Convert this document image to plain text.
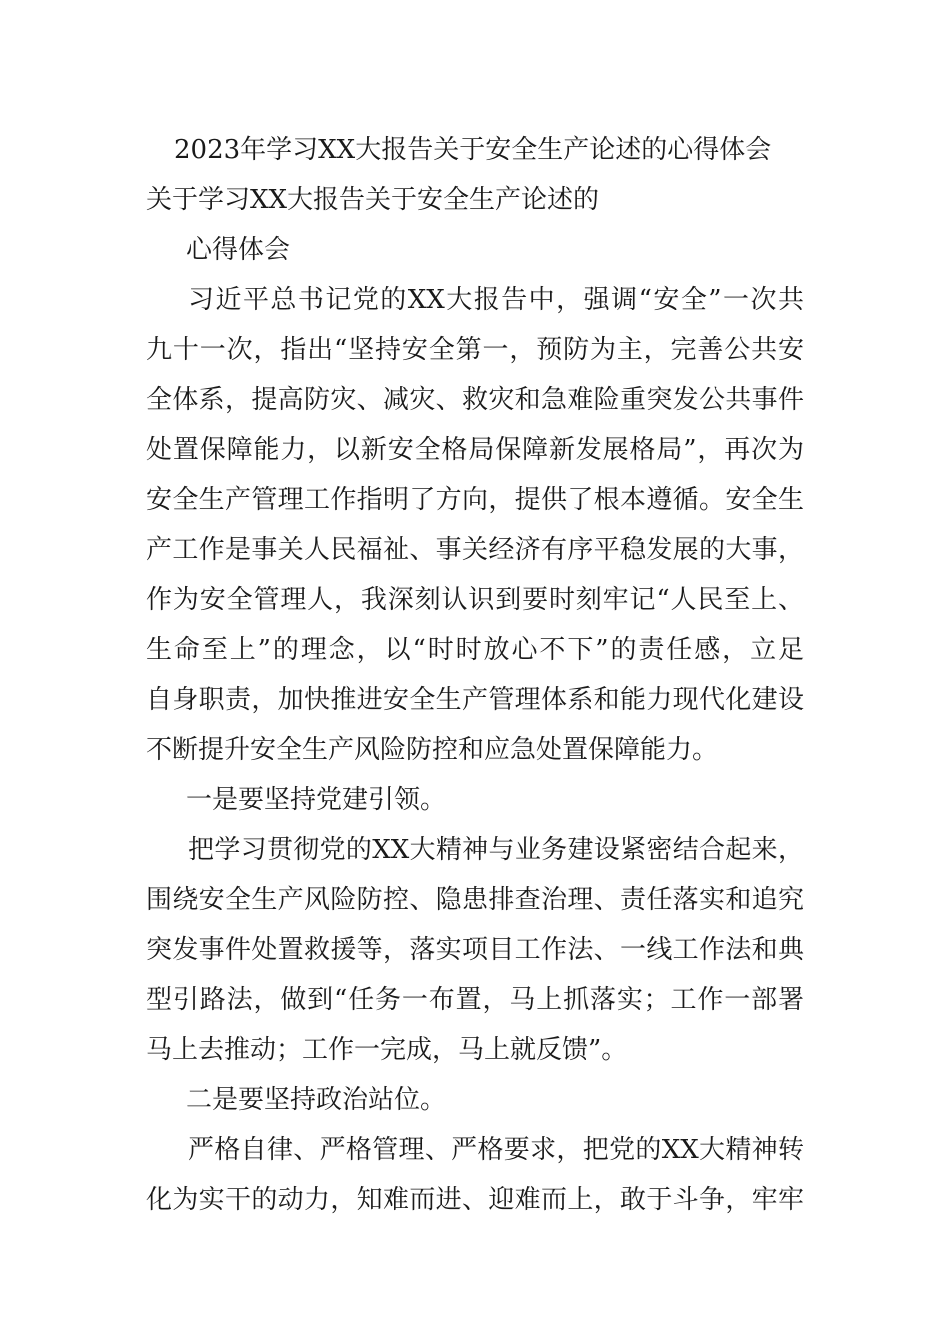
2023年学习XX大报告关于安全生产论述的心得体会
关于学习XX大报告关于安全生产论述的
心得体会
习近平总书记党的XX大报告中，强调“安全”一次共
九十一次，指出“坚持安全第一，预防为主，完善公共安
全体系，提高防灾、减灾、救灾和急难险重突发公共事件
处置保障能力，以新安全格局保障新发展格局”，再次为
安全生产管理工作指明了方向，提供了根本遵循。安全生
产工作是事关人民福祉、事关经济有序平稳发展的大事，
作为安全管理人，我深刻认识到要时刻牢记“人民至上、
生命至上”的理念，以“时时放心不下”的责任感，立足
自身职责，加快推进安全生产管理体系和能力现代化建设
不断提升安全生产风险防控和应急处置保障能力。
一是要坚持党建引领。
把学习贯彻党的XX大精神与业务建设紧密结合起来，
围绕安全生产风险防控、隐患排查治理、责任落实和追究
突发事件处置救援等，落实项目工作法、一线工作法和典
型引路法，做到“任务一布置，马上抓落实；工作一部署
马上去推动；工作一完成，马上就反馈”。
二是要坚持政治站位。
严格自律、严格管理、严格要求，把党的XX大精神转
化为实干的动力，知难而进、迎难而上，敢于斗争，牢牢
